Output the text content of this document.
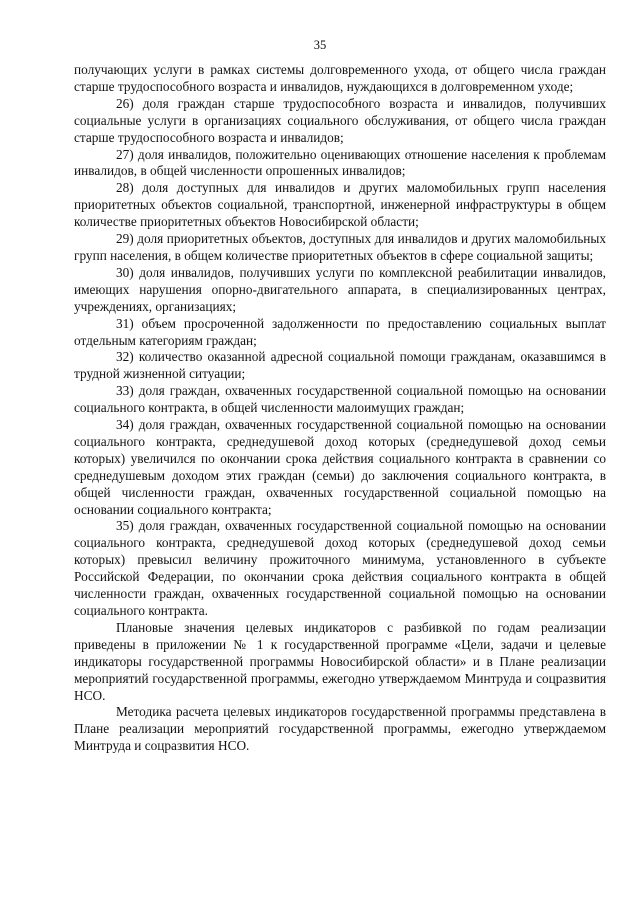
35

получающих услуги в рамках системы долговременного ухода, от общего числа граждан старше трудоспособного возраста и инвалидов, нуждающихся в долговременном уходе;

26) доля граждан старше трудоспособного возраста и инвалидов, получивших социальные услуги в организациях социального обслуживания, от общего числа граждан старше трудоспособного возраста и инвалидов;

27) доля инвалидов, положительно оценивающих отношение населения к проблемам инвалидов, в общей численности опрошенных инвалидов;

28) доля доступных для инвалидов и других маломобильных групп населения приоритетных объектов социальной, транспортной, инженерной инфраструктуры в общем количестве приоритетных объектов Новосибирской области;

29) доля приоритетных объектов, доступных для инвалидов и других маломобильных групп населения, в общем количестве приоритетных объектов в сфере социальной защиты;

30) доля инвалидов, получивших услуги по комплексной реабилитации инвалидов, имеющих нарушения опорно-двигательного аппарата, в специализированных центрах, учреждениях, организациях;

31) объем просроченной задолженности по предоставлению социальных выплат отдельным категориям граждан;

32) количество оказанной адресной социальной помощи гражданам, оказавшимся в трудной жизненной ситуации;

33) доля граждан, охваченных государственной социальной помощью на основании социального контракта, в общей численности малоимущих граждан;

34) доля граждан, охваченных государственной социальной помощью на основании социального контракта, среднедушевой доход которых (среднедушевой доход семьи которых) увеличился по окончании срока действия социального контракта в сравнении со среднедушевым доходом этих граждан (семьи) до заключения социального контракта, в общей численности граждан, охваченных государственной социальной помощью на основании социального контракта;

35) доля граждан, охваченных государственной социальной помощью на основании социального контракта, среднедушевой доход которых (среднедушевой доход семьи которых) превысил величину прожиточного минимума, установленного в субъекте Российской Федерации, по окончании срока действия социального контракта в общей численности граждан, охваченных государственной социальной помощью на основании социального контракта.

Плановые значения целевых индикаторов с разбивкой по годам реализации приведены в приложении № 1 к государственной программе «Цели, задачи и целевые индикаторы государственной программы Новосибирской области» и в Плане реализации мероприятий государственной программы, ежегодно утверждаемом Минтруда и соцразвития НСО.

Методика расчета целевых индикаторов государственной программы представлена в Плане реализации мероприятий государственной программы, ежегодно утверждаемом Минтруда и соцразвития НСО.
